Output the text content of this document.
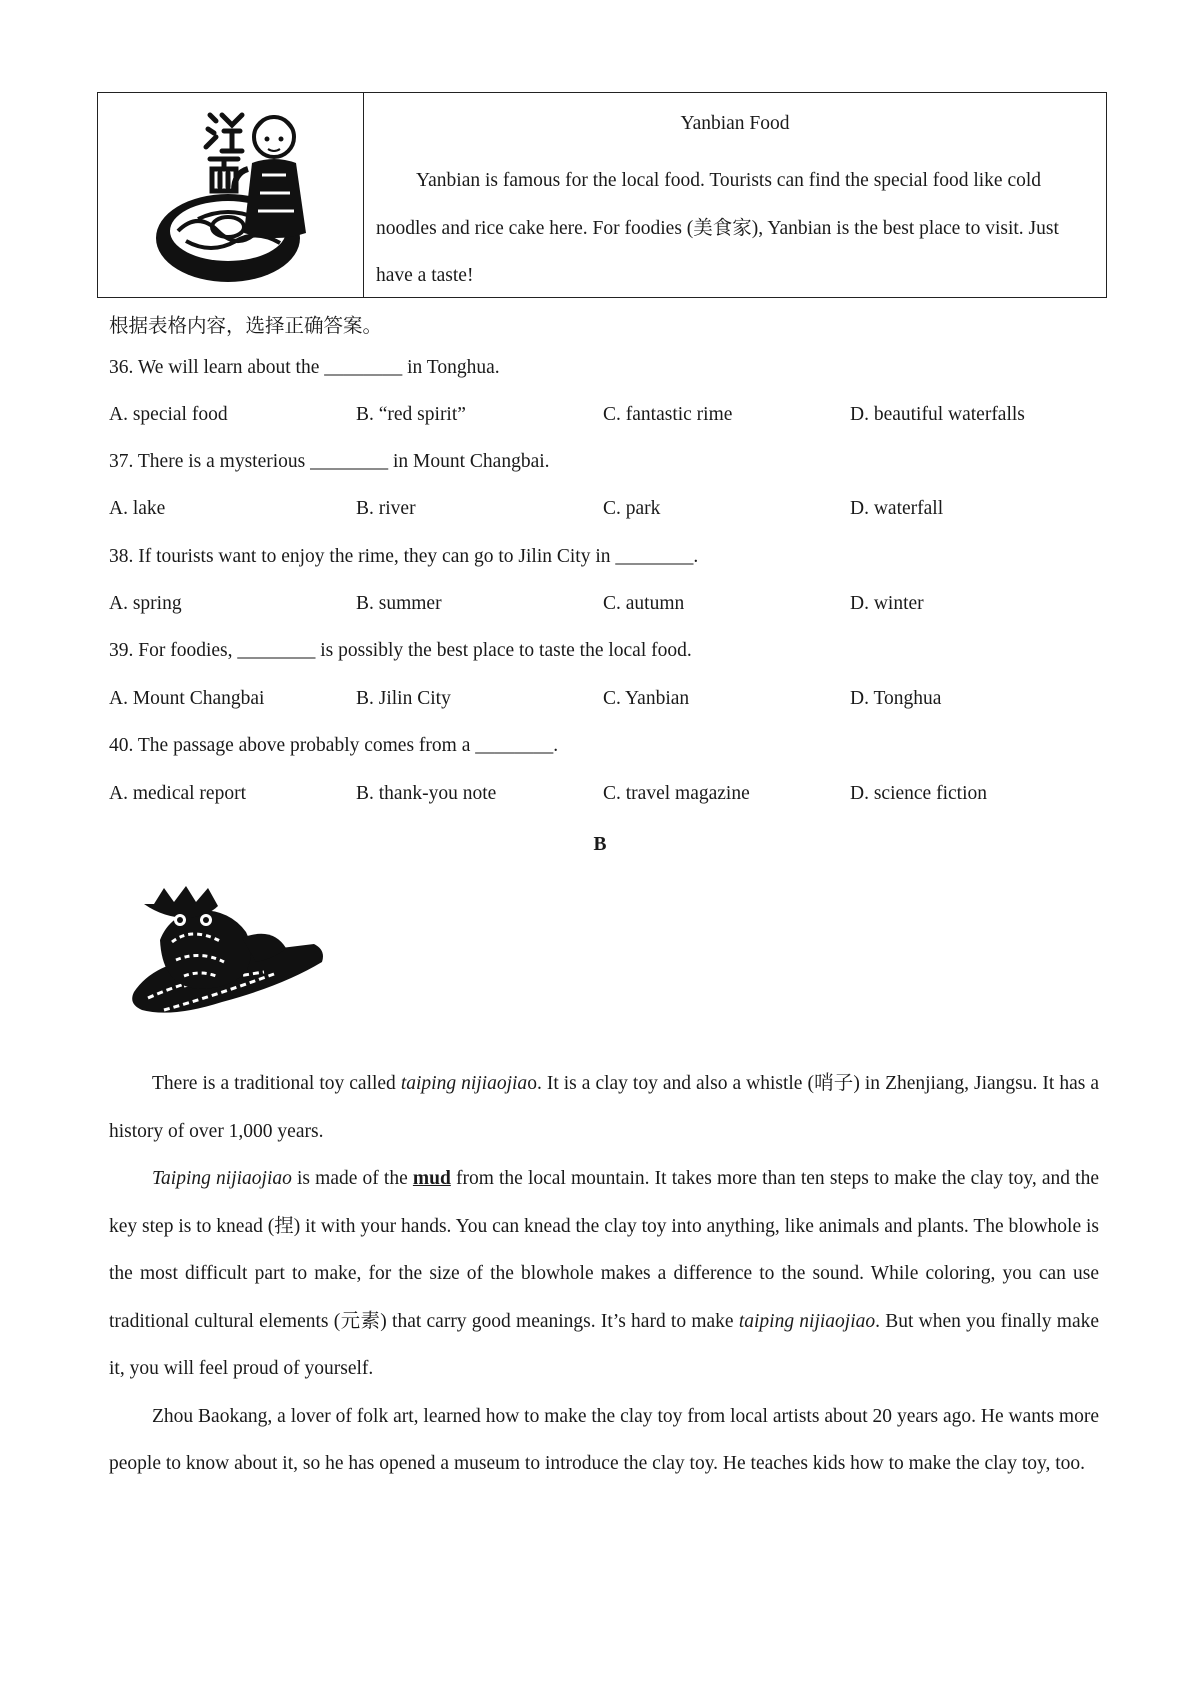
Yanbian Food
Yanbian is famous for the local food. Tourists can find the special food like cold noodles and rice cake here. For foodies (美食家), Yanbian is the best place to visit. Just have a taste!
根据表格内容，选择正确答案。
36. We will learn about the ________ in Tonghua.
A. special food	B. “red spirit”	C. fantastic rime	D. beautiful waterfalls
37. There is a mysterious ________ in Mount Changbai.
A. lake	B. river	C. park	D. waterfall
38. If tourists want to enjoy the rime, they can go to Jilin City in ________.
A. spring	B. summer	C. autumn	D. winter
39. For foodies, ________ is possibly the best place to taste the local food.
A. Mount Changbai	B. Jilin City	C. Yanbian	D. Tonghua
40. The passage above probably comes from a ________.
A. medical report	B. thank-you note	C. travel magazine	D. science fiction
B

There is a traditional toy called taiping nijiaojiao. It is a clay toy and also a whistle (哨子) in Zhenjiang, Jiangsu. It has a history of over 1,000 years.

Taiping nijiaojiao is made of the mud from the local mountain. It takes more than ten steps to make the clay toy, and the key step is to knead (捏) it with your hands. You can knead the clay toy into anything, like animals and plants. The blowhole is the most difficult part to make, for the size of the blowhole makes a difference to the sound. While coloring, you can use traditional cultural elements (元素) that carry good meanings. It’s hard to make taiping nijiaojiao. But when you finally make it, you will feel proud of yourself.

Zhou Baokang, a lover of folk art, learned how to make the clay toy from local artists about 20 years ago. He wants more people to know about it, so he has opened a museum to introduce the clay toy. He teaches kids how to make the clay toy, too.
